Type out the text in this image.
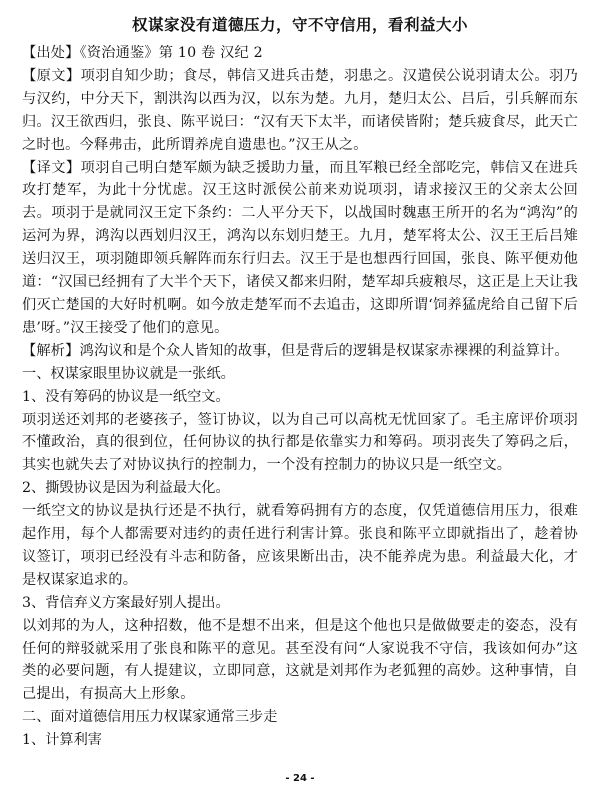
权谋家没有道德压力，守不守信用，看利益大小

【出处】《资治通鉴》第 10 卷 汉纪 2

【原文】项羽自知少助；食尽，韩信又进兵击楚，羽患之。汉遣侯公说羽请太公。羽乃与汉约，中分天下，割洪沟以西为汉，以东为楚。九月，楚归太公、吕后，引兵解而东归。汉王欲西归，张良、陈平说曰：“汉有天下太半，而诸侯皆附；楚兵疲食尽，此天亡之时也。今释弗击，此所谓养虎自遗患也。”汉王从之。

【译文】项羽自己明白楚军颇为缺乏援助力量，而且军粮已经全部吃完，韩信又在进兵攻打楚军，为此十分忧虑。汉王这时派侯公前来劝说项羽，请求接汉王的父亲太公回去。项羽于是就同汉王定下条约：二人平分天下，以战国时魏惠王所开的名为“鸿沟”的运河为界，鸿沟以西划归汉王，鸿沟以东划归楚王。九月，楚军将太公、汉王王后吕雉送归汉王，项羽随即领兵解阵而东行归去。汉王于是也想西行回国，张良、陈平便劝他道：“汉国已经拥有了大半个天下，诸侯又都来归附，楚军却兵疲粮尽，这正是上天让我们灭亡楚国的大好时机啊。如今放走楚军而不去追击，这即所谓‘饲养猛虎给自己留下后患’呀。”汉王接受了他们的意见。

【解析】鸿沟议和是个众人皆知的故事，但是背后的逻辑是权谋家赤裸裸的利益算计。

一、权谋家眼里协议就是一张纸。

1、没有筹码的协议是一纸空文。

项羽送还刘邦的老婆孩子，签订协议，以为自己可以高枕无忧回家了。毛主席评价项羽不懂政治，真的很到位，任何协议的执行都是依靠实力和筹码。项羽丧失了筹码之后，其实也就失去了对协议执行的控制力，一个没有控制力的协议只是一纸空文。

2、撕毁协议是因为利益最大化。

一纸空文的协议是执行还是不执行，就看筹码拥有方的态度，仅凭道德信用压力，很难起作用，每个人都需要对违约的责任进行利害计算。张良和陈平立即就指出了，趁着协议签订，项羽已经没有斗志和防备，应该果断出击，决不能养虎为患。利益最大化，才是权谋家追求的。

3、背信弃义方案最好别人提出。

以刘邦的为人，这种招数，他不是想不出来，但是这个他也只是做做要走的姿态，没有任何的辩驳就采用了张良和陈平的意见。甚至没有问“人家说我不守信，我该如何办”这类的必要问题，有人提建议，立即同意，这就是刘邦作为老狐狸的高妙。这种事情，自己提出，有损高大上形象。

二、面对道德信用压力权谋家通常三步走

1、计算利害

- 24 -
